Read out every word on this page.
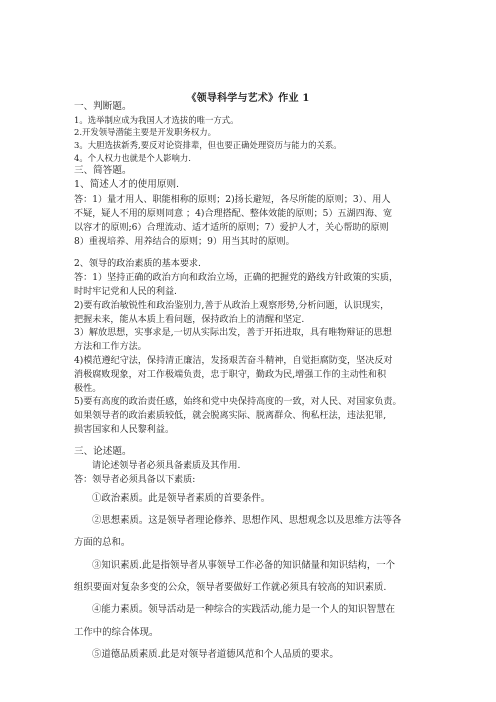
《领导科学与艺术》作业 1
一、判断题。
1。选举制应成为我国人才选拔的唯一方式。
2.开发领导潜能主要是开发职务权力。
3。大胆选拔新秀,要反对论资排辈，但也要正确处理资历与能力的关系。
4。个人权力也就是个人影响力.
三、简答题。
1、简述人才的使用原则.
答：1）量才用人、职能相称的原则；2)扬长避短，各尽所能的原则；3）、用人
不疑，疑人不用的原则同意 ；4)合理搭配、整体效能的原则；5）五湖四海、宽
以容才的原则;6）合理流动、适才适所的原则；7）爱护人才，关心帮助的原则
8）重视培养、用养结合的原则；9）用当其时的原则。
2、领导的政治素质的基本要求.
答：1）坚持正确的政治方向和政治立场，正确的把握党的路线方针政策的实质，
时时牢记党和人民的利益.
2)要有政治敏锐性和政治鉴别力,善于从政治上观察形势,分析问题，认识现实，
把握未来，能从本质上看问题，保持政治上的清醒和坚定.
3）解放思想，实事求是,一切从实际出发，善于开拓进取，具有唯物辩证的思想
方法和工作方法。
4)模范遵纪守法，保持清正廉洁，发扬艰苦奋斗精神，自觉拒腐防变，坚决反对
消极腐败现象，对工作极端负责，忠于职守，勤政为民,增强工作的主动性和积
极性。
5)要有高度的政治责任感，始终和党中央保持高度的一致，对人民、对国家负责。
如果领导者的政治素质较低，就会脱离实际、脱离群众、徇私枉法，违法犯罪,
损害国家和人民黎利益。
三、论述题。
请论述领导者必须具备素质及其作用.
答：领导者必须具备以下素质:
①政治素质。此是领导者素质的首要条件。
②思想素质。这是领导者理论修养、思想作风、思想观念以及思维方法等各
方面的总和。
③知识素质.此是指领导者从事领导工作必备的知识储量和知识结构，一个
组织要面对复杂多变的公众，领导者要做好工作就必须具有较高的知识素质.
④能力素质。领导活动是一种综合的实践活动,能力是一个人的知识智慧在
工作中的综合体现。
⑤道德品质素质.此是对领导者道德风范和个人品质的要求。
